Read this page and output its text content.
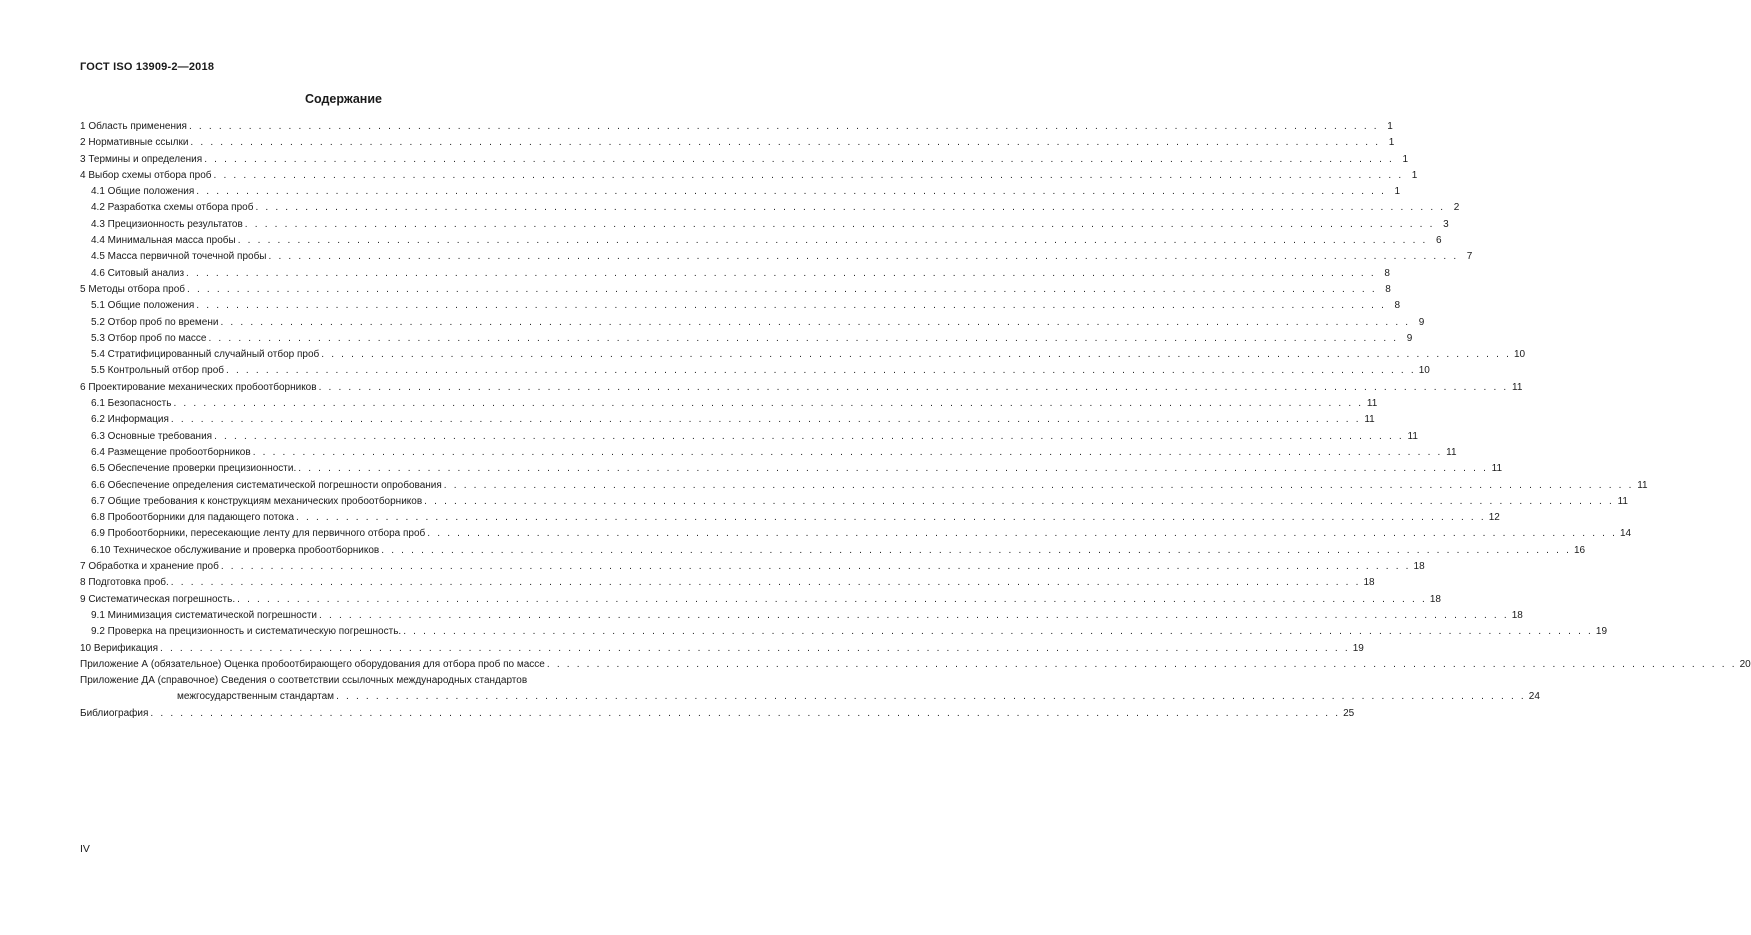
ГОСТ ISO 13909-2—2018
Содержание
1 Область применения . . . . . . . . . . . . . . . . . . . . . . . . . . . . . . . . . . . . . . . . . . . . . . . . . . . . . . . . . . . . . . . . . . . . . . . . . . . . . . . . . . . . . . . . . . . . . . . . . . . . . . . . . . . . . . . . . . . . . . . . 1
2 Нормативные ссылки . . . . . . . . . . . . . . . . . . . . . . . . . . . . . . . . . . . . . . . . . . . . . . . . . . . . . . . . . . . . . . . . . . . . . . . . . . . . . . . . . . . . . . . . . . . . . . . . . . . . . . . . . . . . . . . . . . . . . . . . 1
3 Термины и определения . . . . . . . . . . . . . . . . . . . . . . . . . . . . . . . . . . . . . . . . . . . . . . . . . . . . . . . . . . . . . . . . . . . . . . . . . . . . . . . . . . . . . . . . . . . . . . . . . . . . . . . . . . . . . . . . . . . . . . . . 1
4 Выбор схемы отбора проб . . . . . . . . . . . . . . . . . . . . . . . . . . . . . . . . . . . . . . . . . . . . . . . . . . . . . . . . . . . . . . . . . . . . . . . . . . . . . . . . . . . . . . . . . . . . . . . . . . . . . . . . . . . . . . . . . . . . . . . . 1
4.1 Общие положения . . . . . . . . . . . . . . . . . . . . . . . . . . . . . . . . . . . . . . . . . . . . . . . . . . . . . . . . . . . . . . . . . . . . . . . . . . . . . . . . . . . . . . . . . . . . . . . . . . . . . . . . . . . . . . . . . . . . . . . . 1
4.2 Разработка схемы отбора проб . . . . . . . . . . . . . . . . . . . . . . . . . . . . . . . . . . . . . . . . . . . . . . . . . . . . . . . . . . . . . . . . . . . . . . . . . . . . . . . . . . . . . . . . . . . . . . . . . . . . . . . . . . . . . . . . . . . . . . . . 2
4.3 Прецизионность результатов . . . . . . . . . . . . . . . . . . . . . . . . . . . . . . . . . . . . . . . . . . . . . . . . . . . . . . . . . . . . . . . . . . . . . . . . . . . . . . . . . . . . . . . . . . . . . . . . . . . . . . . . . . . . . . . . . . . . . . . . 3
4.4 Минимальная масса пробы . . . . . . . . . . . . . . . . . . . . . . . . . . . . . . . . . . . . . . . . . . . . . . . . . . . . . . . . . . . . . . . . . . . . . . . . . . . . . . . . . . . . . . . . . . . . . . . . . . . . . . . . . . . . . . . . . . . . . . . . 6
4.5 Масса первичной точечной пробы . . . . . . . . . . . . . . . . . . . . . . . . . . . . . . . . . . . . . . . . . . . . . . . . . . . . . . . . . . . . . . . . . . . . . . . . . . . . . . . . . . . . . . . . . . . . . . . . . . . . . . . . . . . . . . . . . . . . . . . . 7
4.6 Ситовый анализ . . . . . . . . . . . . . . . . . . . . . . . . . . . . . . . . . . . . . . . . . . . . . . . . . . . . . . . . . . . . . . . . . . . . . . . . . . . . . . . . . . . . . . . . . . . . . . . . . . . . . . . . . . . . . . . . . . . . . . . . 8
5 Методы отбора проб . . . . . . . . . . . . . . . . . . . . . . . . . . . . . . . . . . . . . . . . . . . . . . . . . . . . . . . . . . . . . . . . . . . . . . . . . . . . . . . . . . . . . . . . . . . . . . . . . . . . . . . . . . . . . . . . . . . . . . . . 8
5.1 Общие положения . . . . . . . . . . . . . . . . . . . . . . . . . . . . . . . . . . . . . . . . . . . . . . . . . . . . . . . . . . . . . . . . . . . . . . . . . . . . . . . . . . . . . . . . . . . . . . . . . . . . . . . . . . . . . . . . . . . . . . . . 8
5.2 Отбор проб по времени . . . . . . . . . . . . . . . . . . . . . . . . . . . . . . . . . . . . . . . . . . . . . . . . . . . . . . . . . . . . . . . . . . . . . . . . . . . . . . . . . . . . . . . . . . . . . . . . . . . . . . . . . . . . . . . . . . . . . . . . 9
5.3 Отбор проб по массе . . . . . . . . . . . . . . . . . . . . . . . . . . . . . . . . . . . . . . . . . . . . . . . . . . . . . . . . . . . . . . . . . . . . . . . . . . . . . . . . . . . . . . . . . . . . . . . . . . . . . . . . . . . . . . . . . . . . . . . . 9
5.4 Стратифицированный случайный отбор проб . . . . . . . . . . . . . . . . . . . . . . . . . . . . . . . . . . . . . . . . . . . . . . . . . . . . . . . . . . . . . . . . . . . . . . . . . . . . . . . . . . . . . . . . . . . . . . . . . . . . . . . . . . . . . . . . . . . . . . . . 10
5.5 Контрольный отбор проб . . . . . . . . . . . . . . . . . . . . . . . . . . . . . . . . . . . . . . . . . . . . . . . . . . . . . . . . . . . . . . . . . . . . . . . . . . . . . . . . . . . . . . . . . . . . . . . . . . . . . . . . . . . . . . . . . . . . . . . . 10
6 Проектирование механических пробоотборников . . . . . . . . . . . . . . . . . . . . . . . . . . . . . . . . . . . . . . . . . . . . . . . . . . . . . . . . . . . . . . . . . . . . . . . . . . . . . . . . . . . . . . . . . . . . . . . . . . . . . . . . . . . . . . . . . . . . . . . . 11
6.1 Безопасность . . . . . . . . . . . . . . . . . . . . . . . . . . . . . . . . . . . . . . . . . . . . . . . . . . . . . . . . . . . . . . . . . . . . . . . . . . . . . . . . . . . . . . . . . . . . . . . . . . . . . . . . . . . . . . . . . . . . . . . . 11
6.2 Информация . . . . . . . . . . . . . . . . . . . . . . . . . . . . . . . . . . . . . . . . . . . . . . . . . . . . . . . . . . . . . . . . . . . . . . . . . . . . . . . . . . . . . . . . . . . . . . . . . . . . . . . . . . . . . . . . . . . . . . . . 11
6.3 Основные требования . . . . . . . . . . . . . . . . . . . . . . . . . . . . . . . . . . . . . . . . . . . . . . . . . . . . . . . . . . . . . . . . . . . . . . . . . . . . . . . . . . . . . . . . . . . . . . . . . . . . . . . . . . . . . . . . . . . . . . . . 11
6.4 Размещение пробоотборников . . . . . . . . . . . . . . . . . . . . . . . . . . . . . . . . . . . . . . . . . . . . . . . . . . . . . . . . . . . . . . . . . . . . . . . . . . . . . . . . . . . . . . . . . . . . . . . . . . . . . . . . . . . . . . . . . . . . . . . . 11
6.5 Обеспечение проверки прецизионности. . . . . . . . . . . . . . . . . . . . . . . . . . . . . . . . . . . . . . . . . . . . . . . . . . . . . . . . . . . . . . . . . . . . . . . . . . . . . . . . . . . . . . . . . . . . . . . . . . . . . . . . . . . . . . . . . . . . . . . . . 11
6.6 Обеспечение определения систематической погрешности опробования . . . . . . . . . . . . . . . . . . . . . . . . . . . . . . . . . . . . . . . . . . . . . . . . . . . . . . . . . . . . . . . . . . . . . . . . . . . . . . . . . . . . . . . . . . . . . . . . . . . . . . . . . . . . . . . . . . . . . . . . 11
6.7 Общие требования к конструкциям механических пробоотборников . . . . . . . . . . . . . . . . . . . . . . . . . . . . . . . . . . . . . . . . . . . . . . . . . . . . . . . . . . . . . . . . . . . . . . . . . . . . . . . . . . . . . . . . . . . . . . . . . . . . . . . . . . . . . . . . . . . . . . . . 11
6.8 Пробоотборники для падающего потока . . . . . . . . . . . . . . . . . . . . . . . . . . . . . . . . . . . . . . . . . . . . . . . . . . . . . . . . . . . . . . . . . . . . . . . . . . . . . . . . . . . . . . . . . . . . . . . . . . . . . . . . . . . . . . . . . . . . . . . . 12
6.9 Пробоотборники, пересекающие ленту для первичного отбора проб . . . . . . . . . . . . . . . . . . . . . . . . . . . . . . . . . . . . . . . . . . . . . . . . . . . . . . . . . . . . . . . . . . . . . . . . . . . . . . . . . . . . . . . . . . . . . . . . . . . . . . . . . . . . . . . . . . . . . . . . 14
6.10 Техническое обслуживание и проверка пробоотборников . . . . . . . . . . . . . . . . . . . . . . . . . . . . . . . . . . . . . . . . . . . . . . . . . . . . . . . . . . . . . . . . . . . . . . . . . . . . . . . . . . . . . . . . . . . . . . . . . . . . . . . . . . . . . . . . . . . . . . . . 16
7 Обработка и хранение проб . . . . . . . . . . . . . . . . . . . . . . . . . . . . . . . . . . . . . . . . . . . . . . . . . . . . . . . . . . . . . . . . . . . . . . . . . . . . . . . . . . . . . . . . . . . . . . . . . . . . . . . . . . . . . . . . . . . . . . . . 18
8 Подготовка проб. . . . . . . . . . . . . . . . . . . . . . . . . . . . . . . . . . . . . . . . . . . . . . . . . . . . . . . . . . . . . . . . . . . . . . . . . . . . . . . . . . . . . . . . . . . . . . . . . . . . . . . . . . . . . . . . . . . . . . . . . 18
9 Систематическая погрешность. . . . . . . . . . . . . . . . . . . . . . . . . . . . . . . . . . . . . . . . . . . . . . . . . . . . . . . . . . . . . . . . . . . . . . . . . . . . . . . . . . . . . . . . . . . . . . . . . . . . . . . . . . . . . . . . . . . . . . . . . 18
9.1 Минимизация систематической погрешности . . . . . . . . . . . . . . . . . . . . . . . . . . . . . . . . . . . . . . . . . . . . . . . . . . . . . . . . . . . . . . . . . . . . . . . . . . . . . . . . . . . . . . . . . . . . . . . . . . . . . . . . . . . . . . . . . . . . . . . . 18
9.2 Проверка на прецизионность и систематическую погрешность. . . . . . . . . . . . . . . . . . . . . . . . . . . . . . . . . . . . . . . . . . . . . . . . . . . . . . . . . . . . . . . . . . . . . . . . . . . . . . . . . . . . . . . . . . . . . . . . . . . . . . . . . . . . . . . . . . . . . . . . . 19
10 Верификация . . . . . . . . . . . . . . . . . . . . . . . . . . . . . . . . . . . . . . . . . . . . . . . . . . . . . . . . . . . . . . . . . . . . . . . . . . . . . . . . . . . . . . . . . . . . . . . . . . . . . . . . . . . . . . . . . . . . . . . . 19
Приложение А (обязательное) Оценка пробоотбирающего оборудования для отбора проб по массе . . . . . . . . . . . . . . . . . . . . . . . . . . . . . . . . . . . . . . . . . . . . . . . . . . . . . . . . . . . . . . . . . . . . . . . . . . . . . . . . . . . . . . . . . . . . . . . . . . . . . . . . . . . . . . . . . . . . . . . . 20
Приложение ДА (справочное) Сведения о соответствии ссылочных международных стандартов
межгосударственным стандартам . . . . . . . . . . . . . . . . . . . . . . . . . . . . . . . . . . . . . . . . . . . . . . . . . . . . . . . . . . . . . . . . . . . . . . . . . . . . . . . . . . . . . . . . . . . . . . . . . . . . . . . . . . . . . . . . . . . . . . . . 24
Библиография . . . . . . . . . . . . . . . . . . . . . . . . . . . . . . . . . . . . . . . . . . . . . . . . . . . . . . . . . . . . . . . . . . . . . . . . . . . . . . . . . . . . . . . . . . . . . . . . . . . . . . . . . . . . . . . . . . . . . . . . 25
IV
